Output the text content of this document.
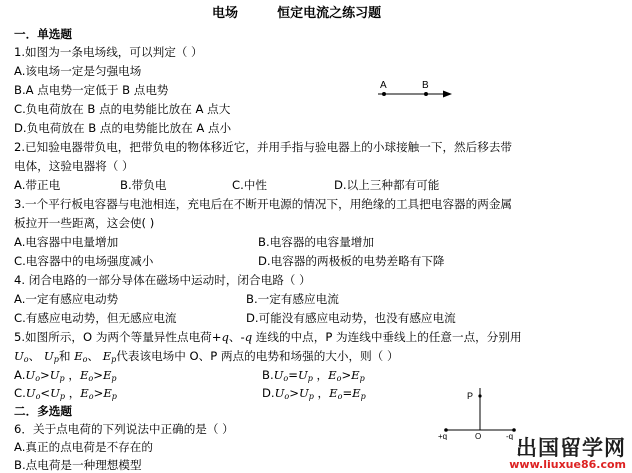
电场	恒定电流之练习题
一．单选题
1.如图为一条电场线，可以判定（ ）
A.该电场一定是匀强电场
B.A 点电势一定低于 B 点电势
C.负电荷放在 B 点的电势能比放在 A 点大
D.负电荷放在 B 点的电势能比放在 A 点小
A	B
2.已知验电器带负电，把带负电的物体移近它，并用手指与验电器上的小球接触一下，然后移去带
电体，这验电器将（ ）
A.带正电	B.带负电	C.中性	D.以上三种都有可能
3.一个平行板电容器与电池相连，充电后在不断开电源的情况下，用绝缘的工具把电容器的两金属
板拉开一些距离，这会使( )
A.电容器中电量增加	B.电容器的电容量增加
C.电容器中的电场强度减小	D.电容器的两极板的电势差略有下降
4. 闭合电路的一部分导体在磁场中运动时，闭合电路（ ）
A.一定有感应电动势	B.一定有感应电流
C.有感应电动势，但无感应电流	D.可能没有感应电动势，也没有感应电流
5.如图所示，O 为两个等量异性点电荷+q、-q 连线的中点，P 为连线中垂线上的任意一点，分别用
$U_o$、 $U_p$和 $E_o$、 $E_p$代表该电场中 O、P 两点的电势和场强的大小，则（ ）
$A.U_o>U_p$ ，$E_o>E_p$	$B.U_o=U_p$ ，$E_o>E_p$
$C.U_o<U_p$ ，$E_o>E_p$	$D.U_o>U_p$ ，$E_o=E_p$	P
+q	O	-q
二．多选题
6．关于点电荷的下列说法中正确的是（ ）
A.真正的点电荷是不存在的
B.点电荷是一种理想模型
出国留学网
www.liuxue86.com
